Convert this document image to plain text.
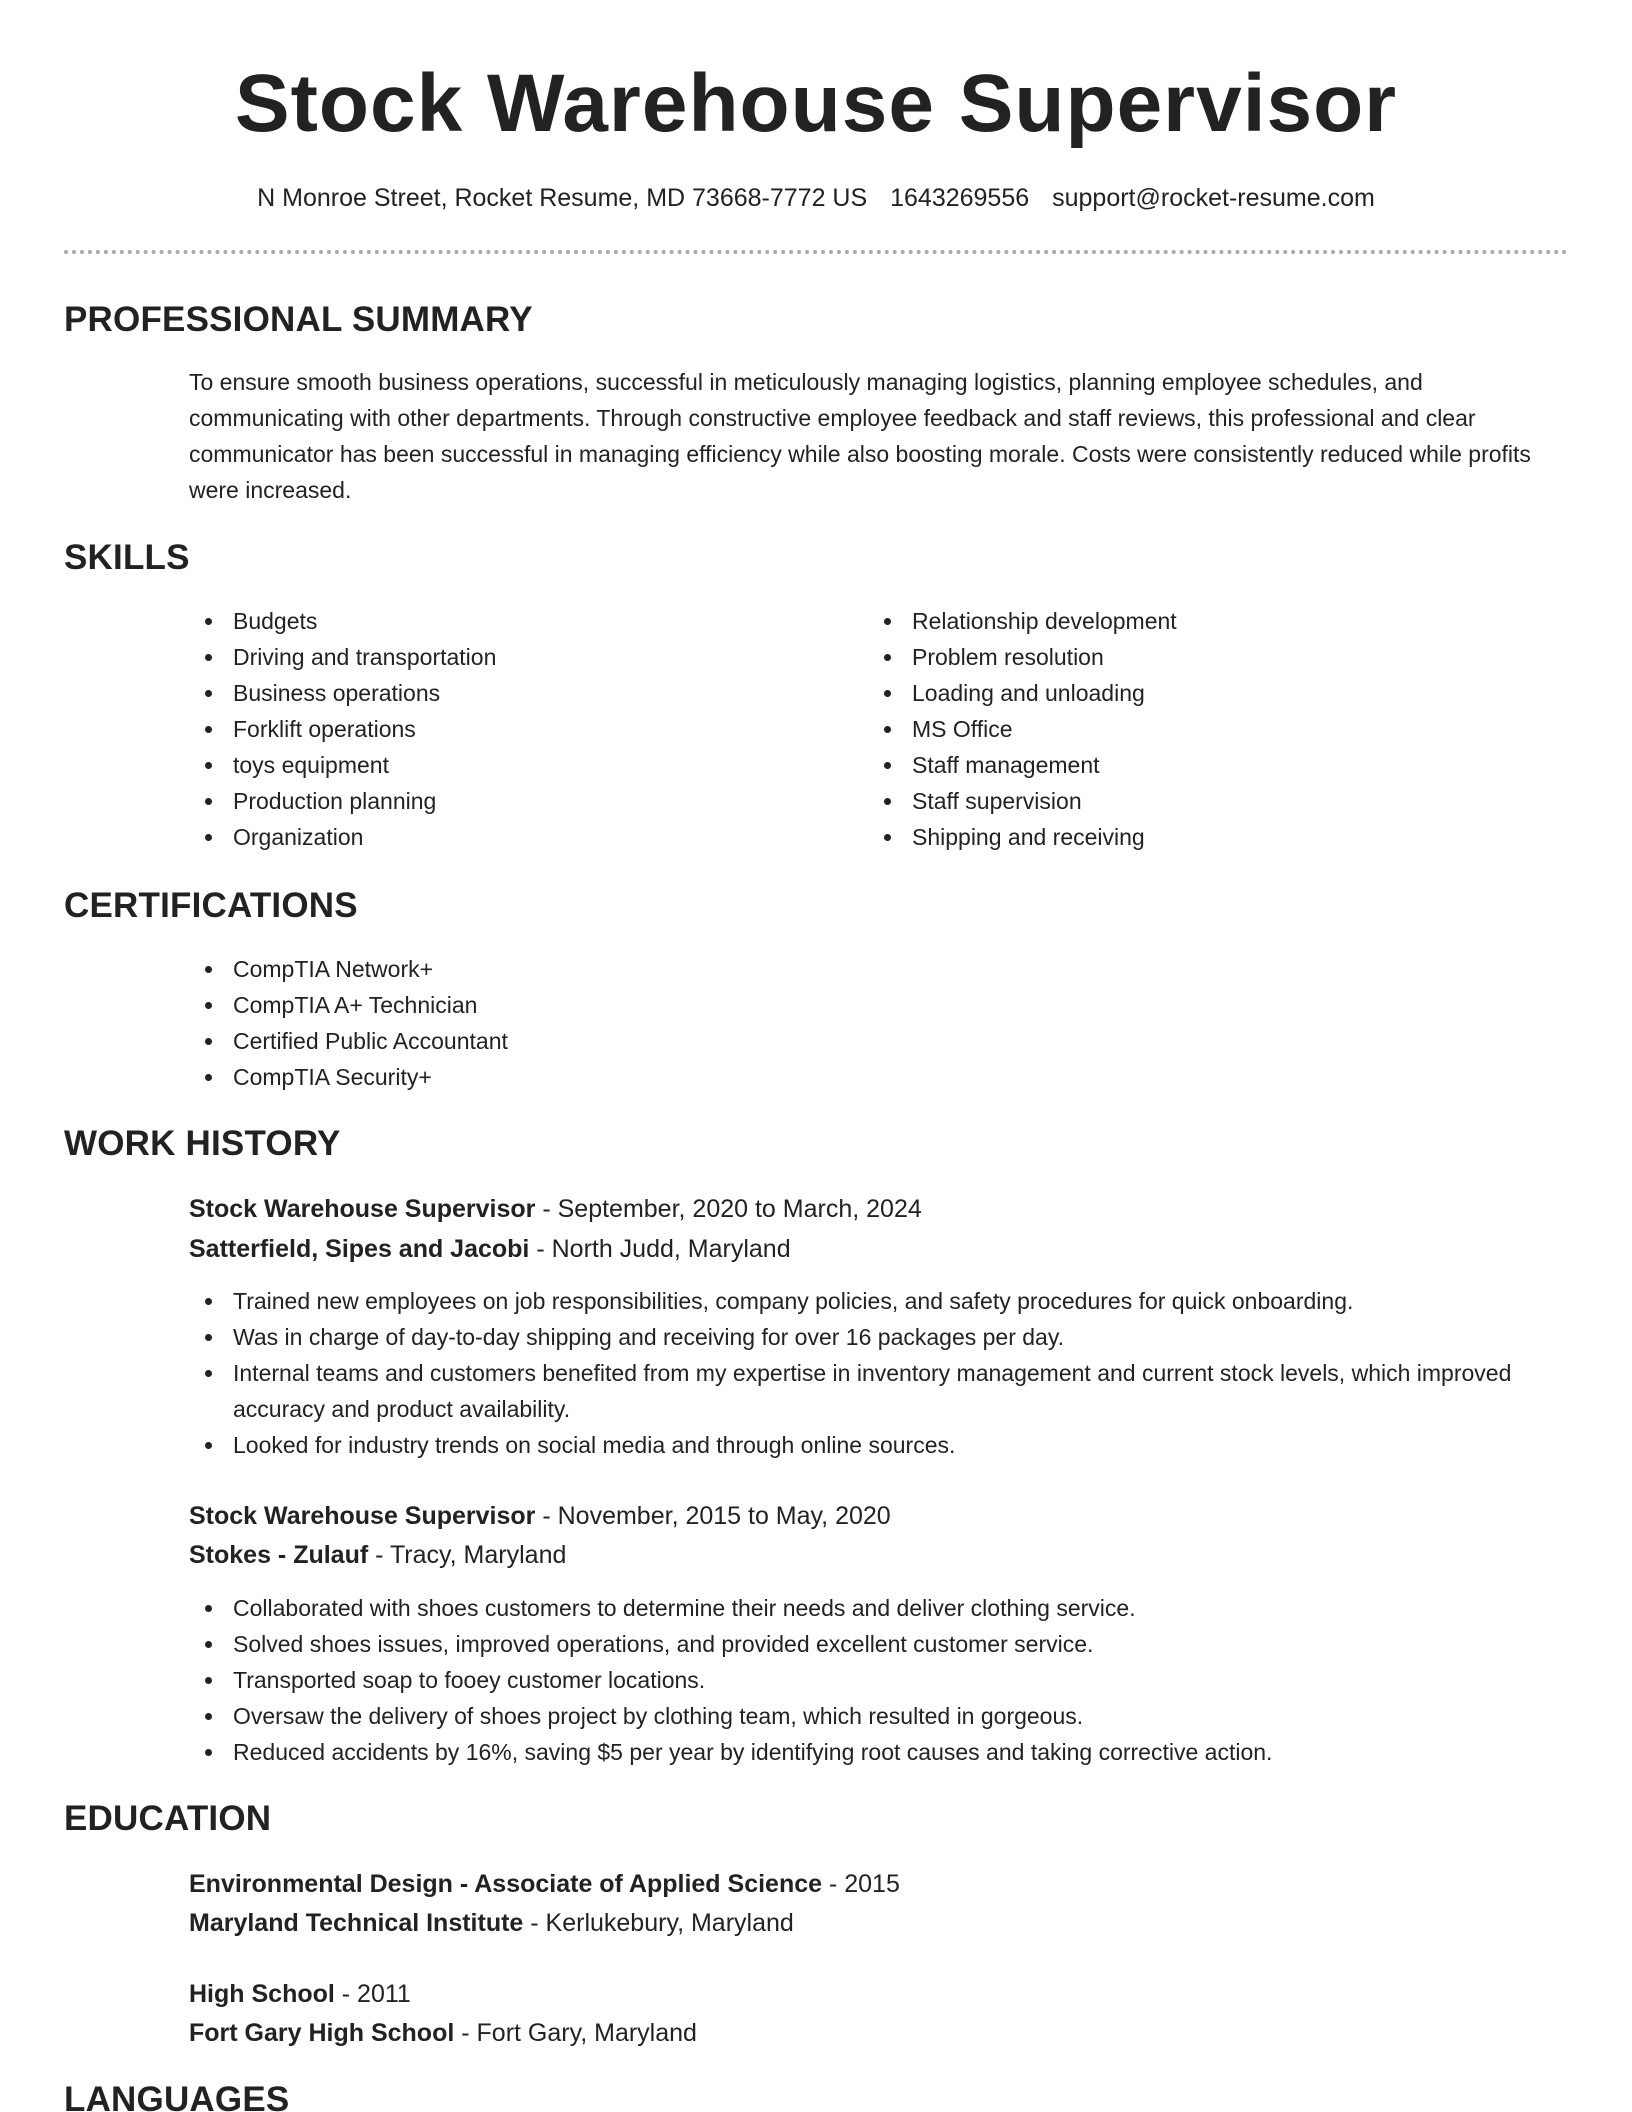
Stock Warehouse Supervisor
N Monroe Street, Rocket Resume, MD 73668-7772 US 1643269556 support@rocket-resume.com
PROFESSIONAL SUMMARY
To ensure smooth business operations, successful in meticulously managing logistics, planning employee schedules, and communicating with other departments. Through constructive employee feedback and staff reviews, this professional and clear communicator has been successful in managing efficiency while also boosting morale. Costs were consistently reduced while profits were increased.
SKILLS
Budgets
Driving and transportation
Business operations
Forklift operations
toys equipment
Production planning
Organization
Relationship development
Problem resolution
Loading and unloading
MS Office
Staff management
Staff supervision
Shipping and receiving
CERTIFICATIONS
CompTIA Network+
CompTIA A+ Technician
Certified Public Accountant
CompTIA Security+
WORK HISTORY
Stock Warehouse Supervisor - September, 2020 to March, 2024
Satterfield, Sipes and Jacobi - North Judd, Maryland
Trained new employees on job responsibilities, company policies, and safety procedures for quick onboarding.
Was in charge of day-to-day shipping and receiving for over 16 packages per day.
Internal teams and customers benefited from my expertise in inventory management and current stock levels, which improved accuracy and product availability.
Looked for industry trends on social media and through online sources.
Stock Warehouse Supervisor - November, 2015 to May, 2020
Stokes - Zulauf - Tracy, Maryland
Collaborated with shoes customers to determine their needs and deliver clothing service.
Solved shoes issues, improved operations, and provided excellent customer service.
Transported soap to fooey customer locations.
Oversaw the delivery of shoes project by clothing team, which resulted in gorgeous.
Reduced accidents by 16%, saving $5 per year by identifying root causes and taking corrective action.
EDUCATION
Environmental Design - Associate of Applied Science - 2015
Maryland Technical Institute - Kerlukebury, Maryland
High School - 2011
Fort Gary High School - Fort Gary, Maryland
LANGUAGES
